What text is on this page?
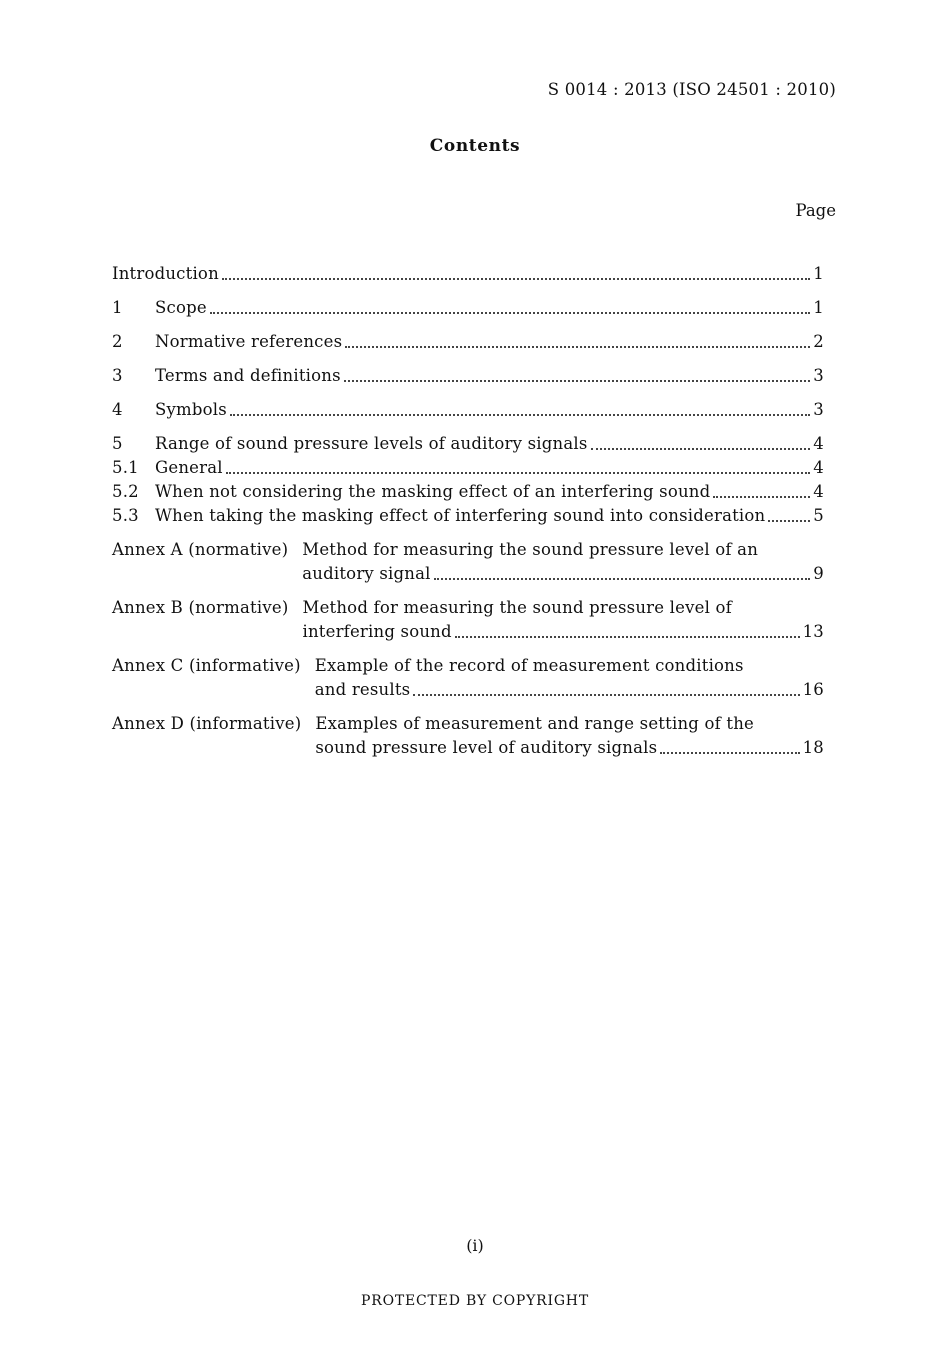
S 0014 : 2013 (ISO 24501 : 2010)
Contents
Page
Introduction	1
1	Scope	1
2	Normative references	2
3	Terms and definitions	3
4	Symbols	3
5	Range of sound pressure levels of auditory signals	4
5.1 General	4
5.2 When not considering the masking effect of an interfering sound	4
5.3 When taking the masking effect of interfering sound into consideration	5
Annex A (normative) Method for measuring the sound pressure level of an
auditory signal	9
Annex B (normative) Method for measuring the sound pressure level of
interfering sound	13
Annex C (informative) Example of the record of measurement conditions
and results	16
Annex D (informative) Examples of measurement and range setting of the
sound pressure level of auditory signals	18
(i)
PROTECTED BY COPYRIGHT
